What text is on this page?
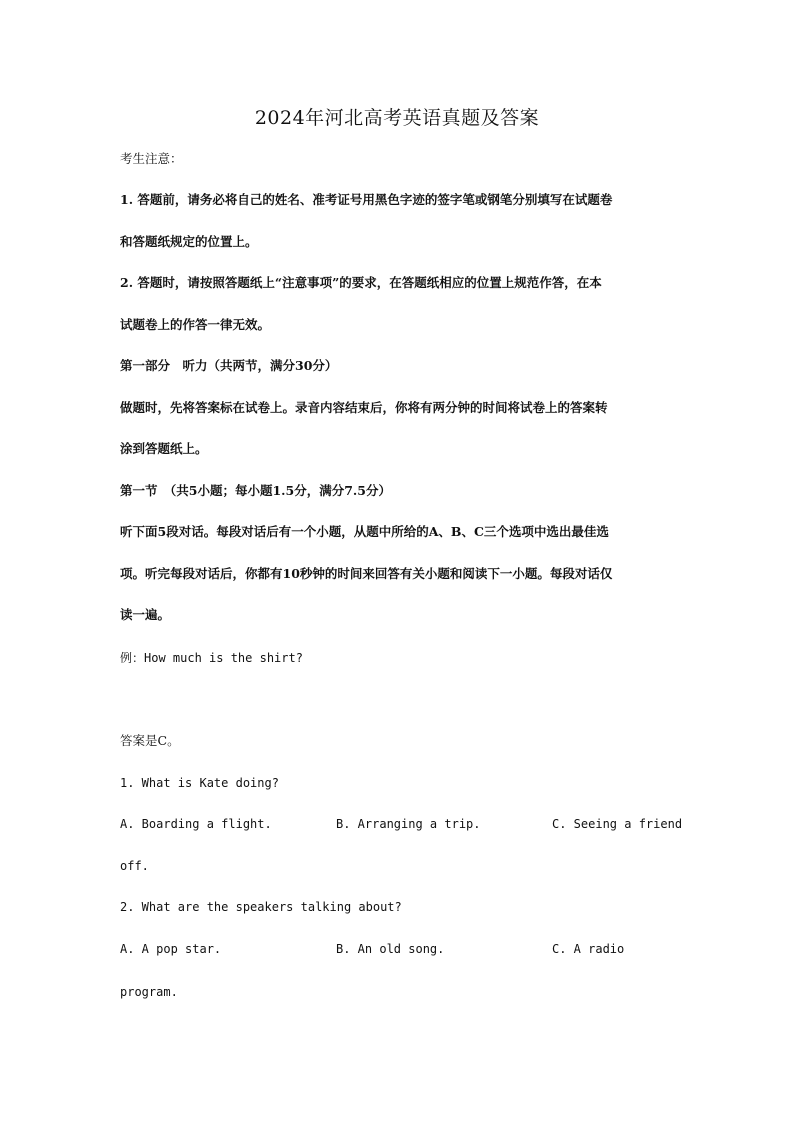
2024年河北高考英语真题及答案
考生注意：
1. 答题前，请务必将自己的姓名、准考证号用黑色字迹的签字笔或钢笔分别填写在试题卷
和答题纸规定的位置上。
2. 答题时，请按照答题纸上“注意事项”的要求，在答题纸相应的位置上规范作答，在本
试题卷上的作答一律无效。
第一部分　听力（共两节，满分30分）
做题时，先将答案标在试卷上。录音内容结束后，你将有两分钟的时间将试卷上的答案转
涂到答题纸上。
第一节　（共5小题；每小题1.5分，满分7.5分）
听下面5段对话。每段对话后有一个小题，从题中所给的A、B、C三个选项中选出最佳选
项。听完每段对话后，你都有10秒钟的时间来回答有关小题和阅读下一小题。每段对话仅
读一遍。
例：How much is the shirt?
答案是C。
1. What is Kate doing?
A. Boarding a flight.	B. Arranging a trip.	C. Seeing a friend
off.
2. What are the speakers talking about?
A. A pop star.	B. An old song.	C. A radio
program.
